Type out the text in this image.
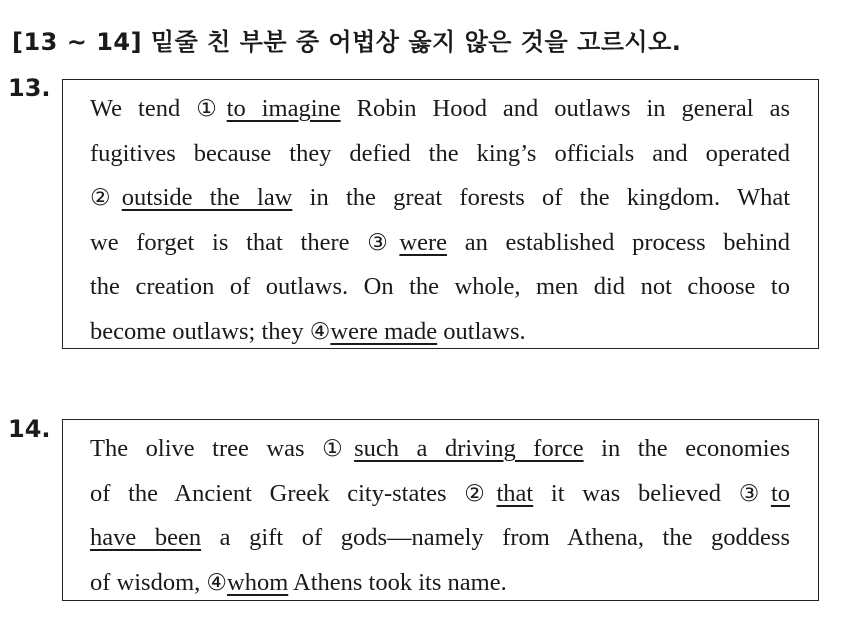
[13 ~ 14] 밑줄 친 부분 중 어법상 옳지 않은 것을 고르시오.
13.
We tend ①to imagine Robin Hood and outlaws in general as
fugitives because they defied the king’s officials and operated
②outside the law in the great forests of the kingdom. What
we forget is that there ③were an established process behind
the creation of outlaws. On the whole, men did not choose to
become outlaws; they ④were made outlaws.
14.
The olive tree was ①such a driving force in the economies
of the Ancient Greek city-states ②that it was believed ③to
have been a gift of gods—namely from Athena, the goddess
of wisdom, ④whom Athens took its name.
